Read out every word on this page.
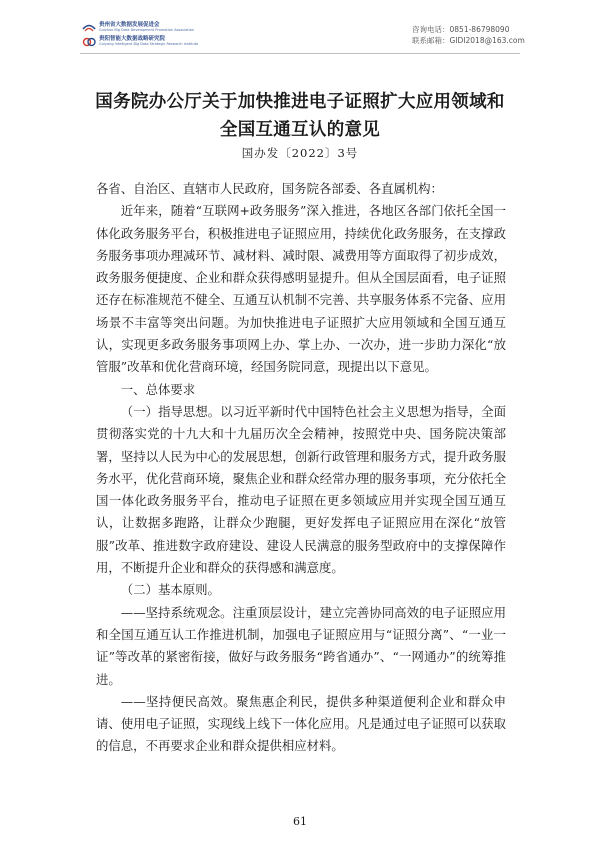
贵州省大数据发展促进会
Guizhou Big Data Development Promotion Association
贵阳智能大数据战略研究院
Guiyang Intelligent Big Data Strategic Research Institute
咨询电话：0851-86798090
联系邮箱：GIDI2018@163.com
国务院办公厅关于加快推进电子证照扩大应用领域和
全国互通互认的意见
国办发〔2022〕3号

各省、自治区、直辖市人民政府，国务院各部委、各直属机构：

近年来，随着“互联网+政务服务”深入推进，各地区各部门依托全国一体化政务服务平台，积极推进电子证照应用，持续优化政务服务，在支撑政务服务事项办理减环节、减材料、减时限、减费用等方面取得了初步成效，政务服务便捷度、企业和群众获得感明显提升。但从全国层面看，电子证照还存在标准规范不健全、互通互认机制不完善、共享服务体系不完备、应用场景不丰富等突出问题。为加快推进电子证照扩大应用领域和全国互通互认，实现更多政务服务事项网上办、掌上办、一次办，进一步助力深化“放管服”改革和优化营商环境，经国务院同意，现提出以下意见。

一、总体要求

（一）指导思想。以习近平新时代中国特色社会主义思想为指导，全面贯彻落实党的十九大和十九届历次全会精神，按照党中央、国务院决策部署，坚持以人民为中心的发展思想，创新行政管理和服务方式，提升政务服务水平，优化营商环境，聚焦企业和群众经常办理的服务事项，充分依托全国一体化政务服务平台，推动电子证照在更多领域应用并实现全国互通互认，让数据多跑路，让群众少跑腿，更好发挥电子证照应用在深化“放管服”改革、推进数字政府建设、建设人民满意的服务型政府中的支撑保障作用，不断提升企业和群众的获得感和满意度。

（二）基本原则。

——坚持系统观念。注重顶层设计，建立完善协同高效的电子证照应用和全国互通互认工作推进机制，加强电子证照应用与“证照分离”、“一业一证”等改革的紧密衔接，做好与政务服务“跨省通办”、“一网通办”的统筹推进。

——坚持便民高效。聚焦惠企利民，提供多种渠道便利企业和群众申请、使用电子证照，实现线上线下一体化应用。凡是通过电子证照可以获取的信息，不再要求企业和群众提供相应材料。

61
